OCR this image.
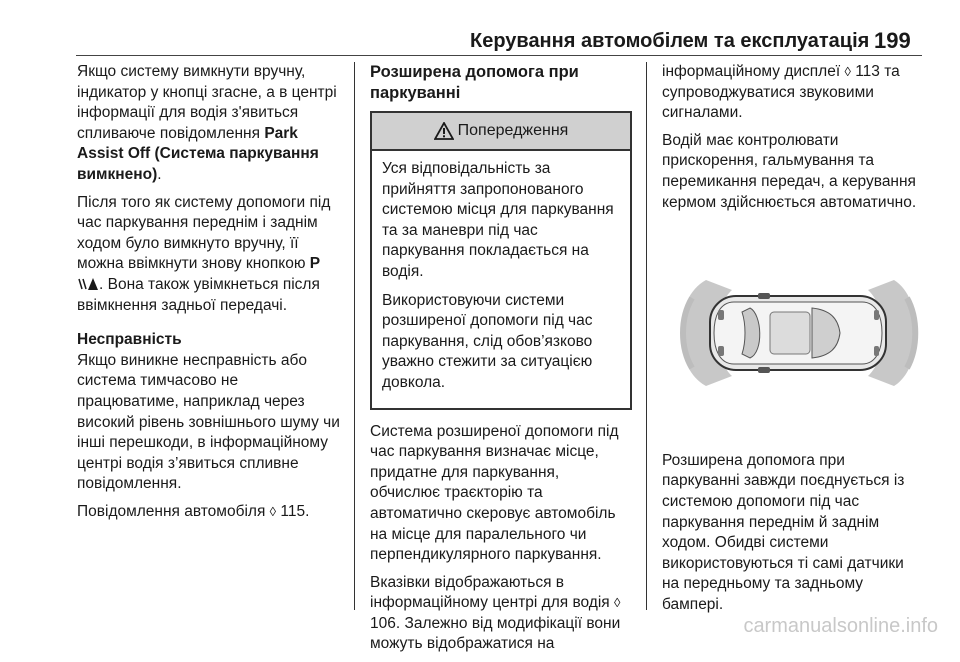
Керування автомобілем та експлуатація 199

Якщо систему вимкнути вручну, індикатор у кнопці згасне, а в центрі інформації для водія з'явиться спливаюче повідомлення Park Assist Off (Система паркування вимкнено).

Після того як систему допомоги під час паркування переднім і заднім ходом було вимкнуто вручну, її можна ввімкнути знову кнопкою P. Вона також увімкнеться після ввімкнення задньої передачі.

Несправність

Якщо виникне несправність або система тимчасово не працюватиме, наприклад через високий рівень зовнішнього шуму чи інші перешкоди, в інформаційному центрі водія з’явиться спливне повідомлення.

Повідомлення автомобіля ◊ 115.

Розширена допомога при паркуванні

Попередження

Уся відповідальність за прийняття запропонованого системою місця для паркування та за маневри під час паркування покладається на водія.

Використовуючи системи розширеної допомоги під час паркування, слід обов’язково уважно стежити за ситуацією довкола.

Система розширеної допомоги під час паркування визначає місце, придатне для паркування, обчислює траєкторію та автоматично скеровує автомобіль на місце для паралельного чи перпендикулярного паркування.

Вказівки відображаються в інформаційному центрі для водія ◊ 106. Залежно від модифікації вони можуть відображатися на

інформаційному дисплеї ◊ 113 та супроводжуватися звуковими сигналами.

Водій має контролювати прискорення, гальмування та перемикання передач, а керування кермом здійснюється автоматично.

Розширена допомога при паркуванні завжди поєднується із системою допомоги під час паркування переднім й заднім ходом. Обидві системи використовуються ті самі датчики на передньому та задньому бампері.

carmanualsonline.info
